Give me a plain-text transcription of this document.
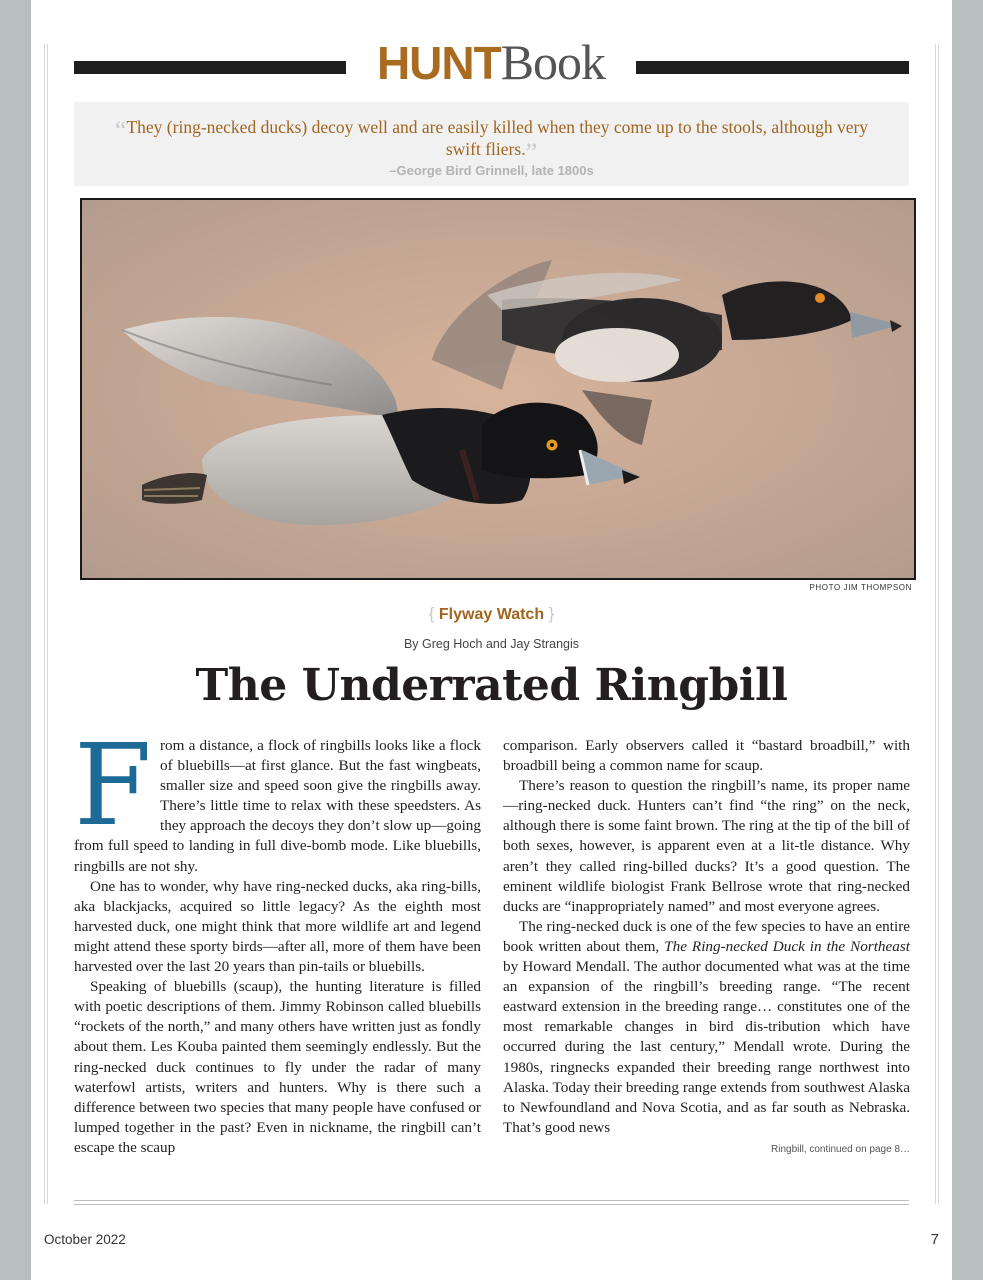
HUNTBook
“They (ring-necked ducks) decoy well and are easily killed when they come up to the stools, although very swift fliers.”
–George Bird Grinnell, late 1800s
PHOTO JIM THOMPSON
{ Flyway Watch }
By Greg Hoch and Jay Strangis
The Underrated Ringbill

From a distance, a flock of ringbills looks like a flock of bluebills—at first glance. But the fast wingbeats, smaller size and speed soon give the ringbills away. There’s little time to relax with these speedsters. As they approach the decoys they don’t slow up—going from full speed to landing in full dive-bomb mode. Like bluebills, ringbills are not shy.

One has to wonder, why have ring-necked ducks, aka ring-bills, aka blackjacks, acquired so little legacy? As the eighth most harvested duck, one might think that more wildlife art and legend might attend these sporty birds—after all, more of them have been harvested over the last 20 years than pin-tails or bluebills.

Speaking of bluebills (scaup), the hunting literature is filled with poetic descriptions of them. Jimmy Robinson called bluebills “rockets of the north,” and many others have written just as fondly about them. Les Kouba painted them seemingly endlessly. But the ring-necked duck continues to fly under the radar of many waterfowl artists, writers and hunters. Why is there such a difference between two species that many people have confused or lumped together in the past? Even in nickname, the ringbill can’t escape the scaup

comparison. Early observers called it “bastard broadbill,” with broadbill being a common name for scaup.

There’s reason to question the ringbill’s name, its proper name—ring-necked duck. Hunters can’t find “the ring” on the neck, although there is some faint brown. The ring at the tip of the bill of both sexes, however, is apparent even at a lit-tle distance. Why aren’t they called ring-billed ducks? It’s a good question. The eminent wildlife biologist Frank Bellrose wrote that ring-necked ducks are “inappropriately named” and most everyone agrees.

The ring-necked duck is one of the few species to have an entire book written about them, The Ring-necked Duck in the Northeast by Howard Mendall. The author documented what was at the time an expansion of the ringbill’s breeding range. “The recent eastward extension in the breeding range… constitutes one of the most remarkable changes in bird dis-tribution which have occurred during the last century,” Mendall wrote. During the 1980s, ringnecks expanded their breeding range northwest into Alaska. Today their breeding range extends from southwest Alaska to Newfoundland and Nova Scotia, and as far south as Nebraska. That’s good news

Ringbill, continued on page 8…
October 2022	7
